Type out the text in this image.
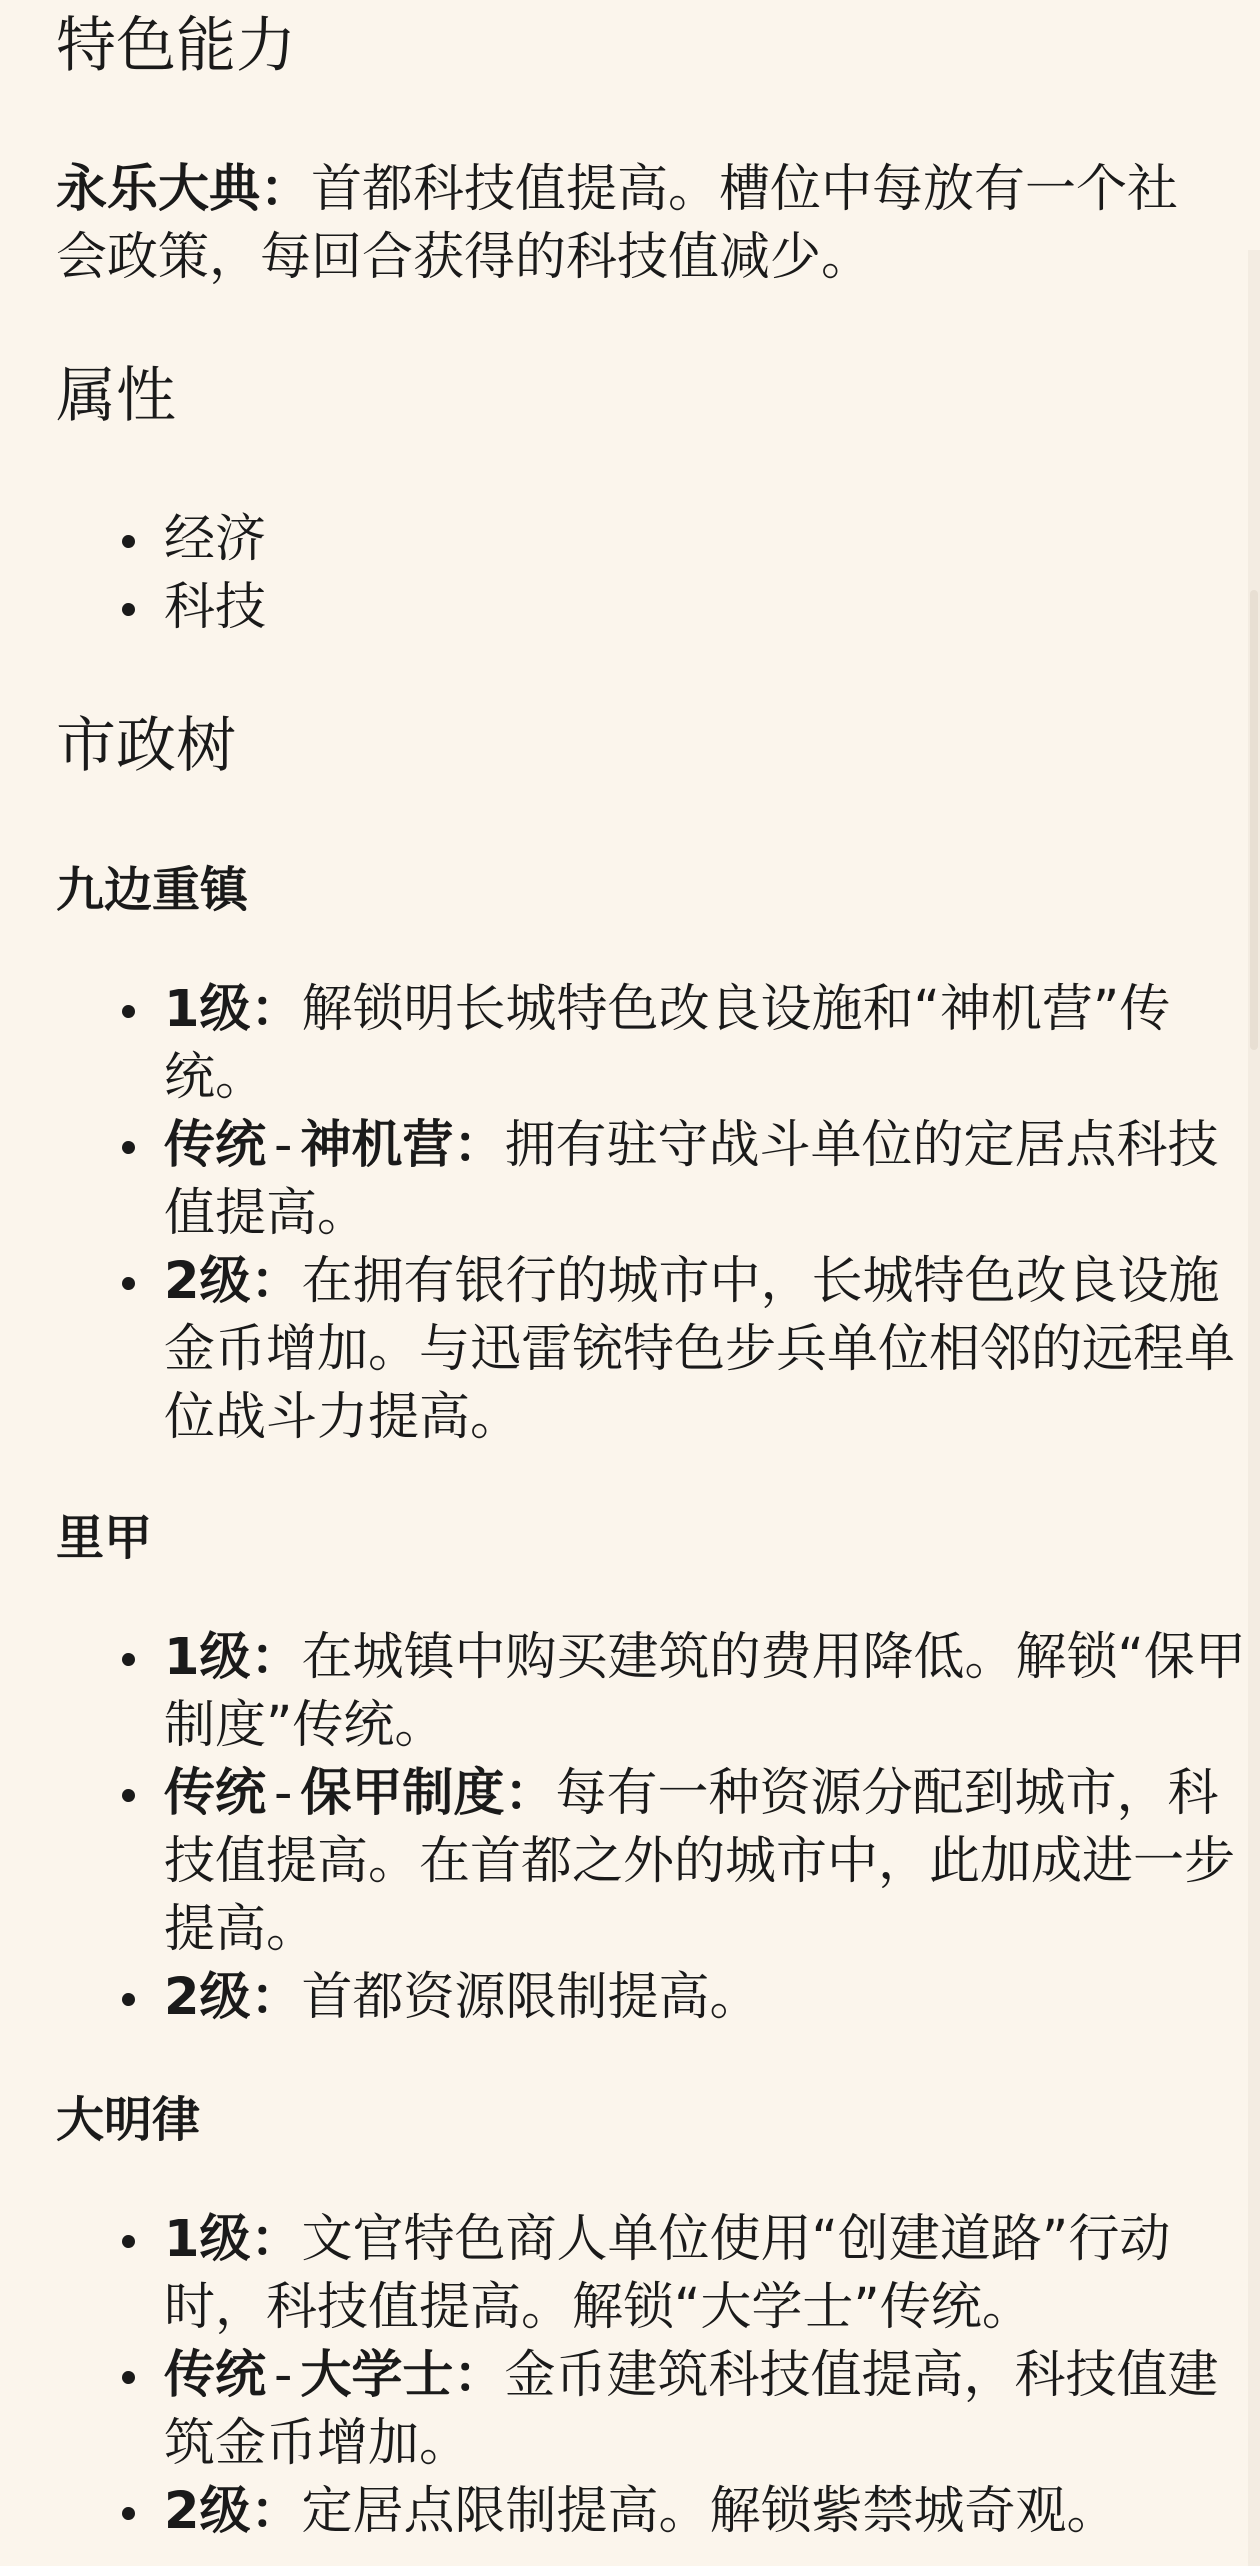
特色能力

永乐大典：首都科技值提高。槽位中每放有一个社会政策，每回合获得的科技值减少。

属性
经济
科技
市政树
九边重镇
1级：解锁明长城特色改良设施和“神机营”传统。
传统 - 神机营：拥有驻守战斗单位的定居点科技值提高。
2级：在拥有银行的城市中，长城特色改良设施金币增加。与迅雷铳特色步兵单位相邻的远程单位战斗力提高。
里甲
1级：在城镇中购买建筑的费用降低。解锁“保甲制度”传统。
传统 - 保甲制度：每有一种资源分配到城市，科技值提高。在首都之外的城市中，此加成进一步提高。
2级：首都资源限制提高。
大明律
1级：文官特色商人单位使用“创建道路”行动时，科技值提高。解锁“大学士”传统。
传统 - 大学士：金币建筑科技值提高，科技值建筑金币增加。
2级：定居点限制提高。解锁紫禁城奇观。
